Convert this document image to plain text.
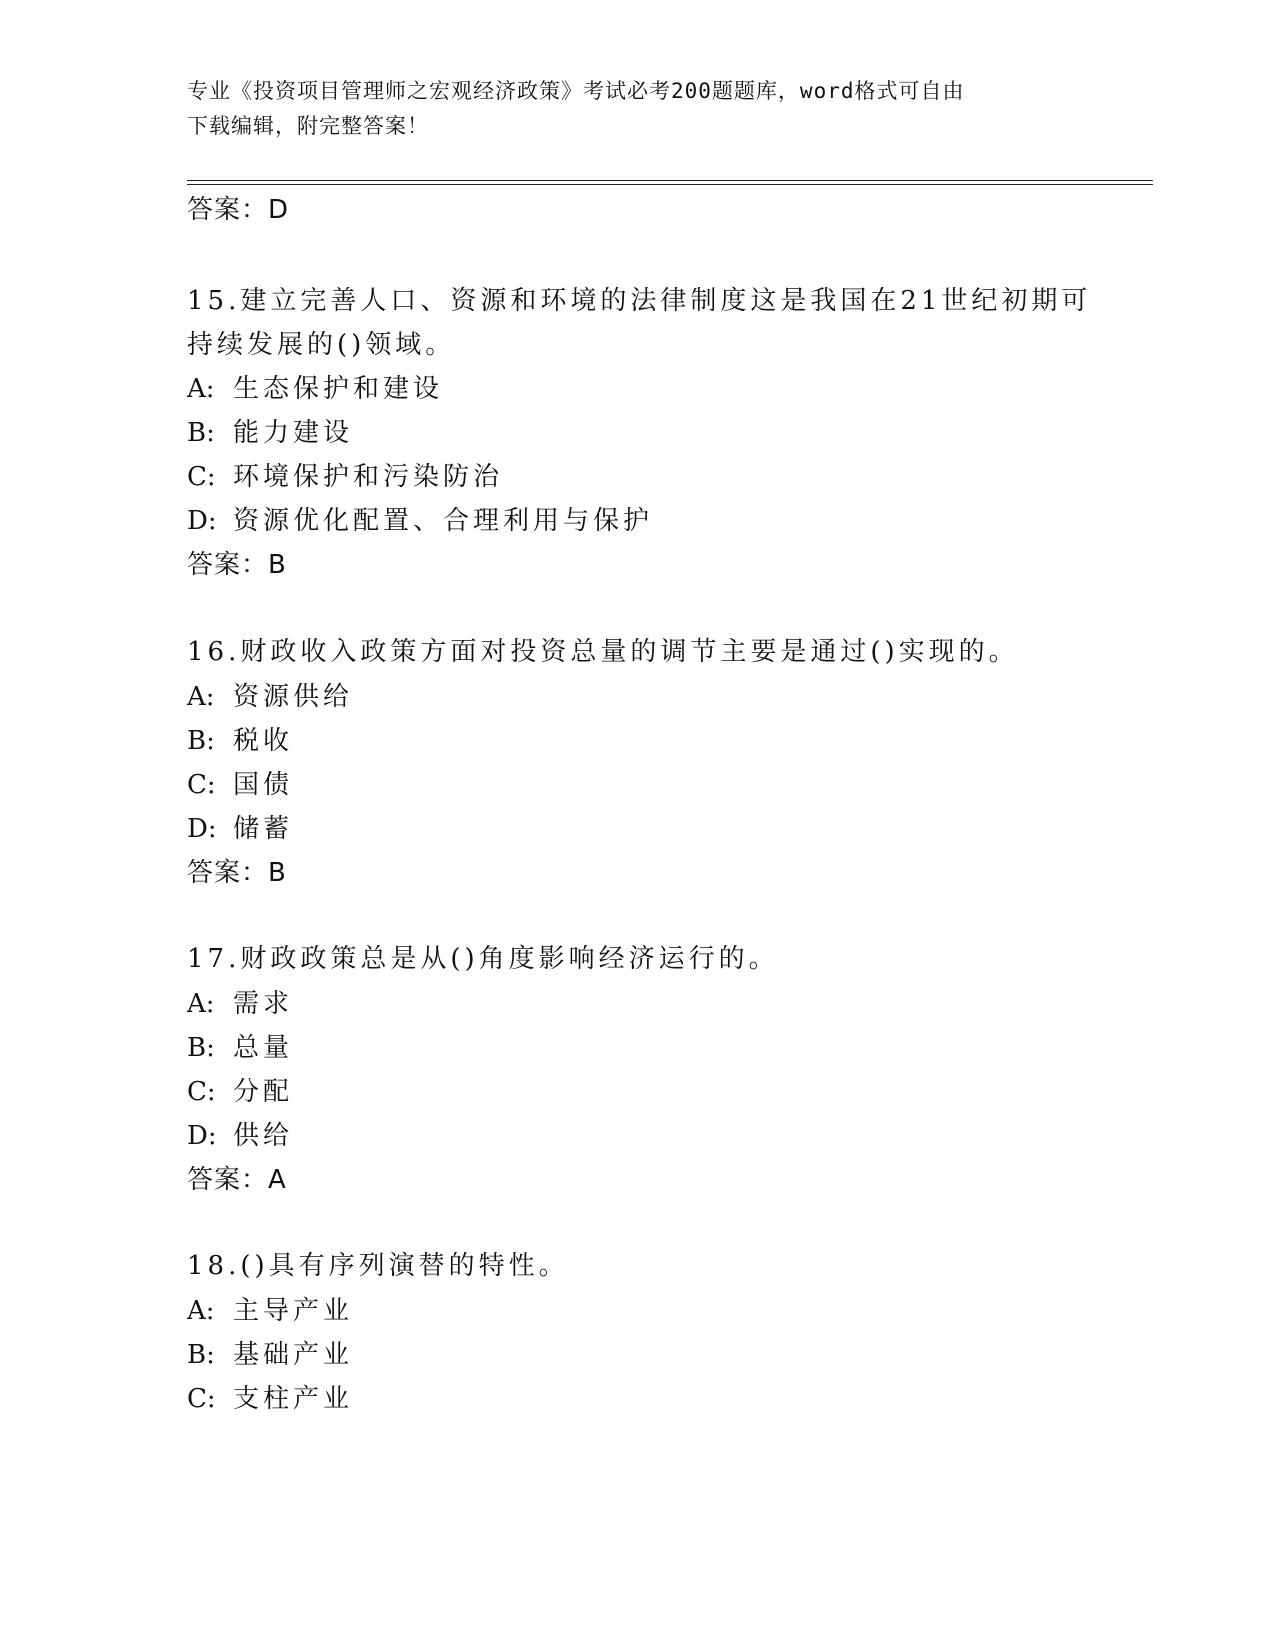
专业《投资项目管理师之宏观经济政策》考试必考200题题库，word格式可自由
下载编辑，附完整答案！
答案：D
15.建立完善人口、资源和环境的法律制度这是我国在21世纪初期可
持续发展的()领域。
A: 生态保护和建设
B: 能力建设
C: 环境保护和污染防治
D: 资源优化配置、合理利用与保护
答案：B
16.财政收入政策方面对投资总量的调节主要是通过()实现的。
A: 资源供给
B: 税收
C: 国债
D: 储蓄
答案：B
17.财政政策总是从()角度影响经济运行的。
A: 需求
B: 总量
C: 分配
D: 供给
答案：A
18.()具有序列演替的特性。
A: 主导产业
B: 基础产业
C: 支柱产业
